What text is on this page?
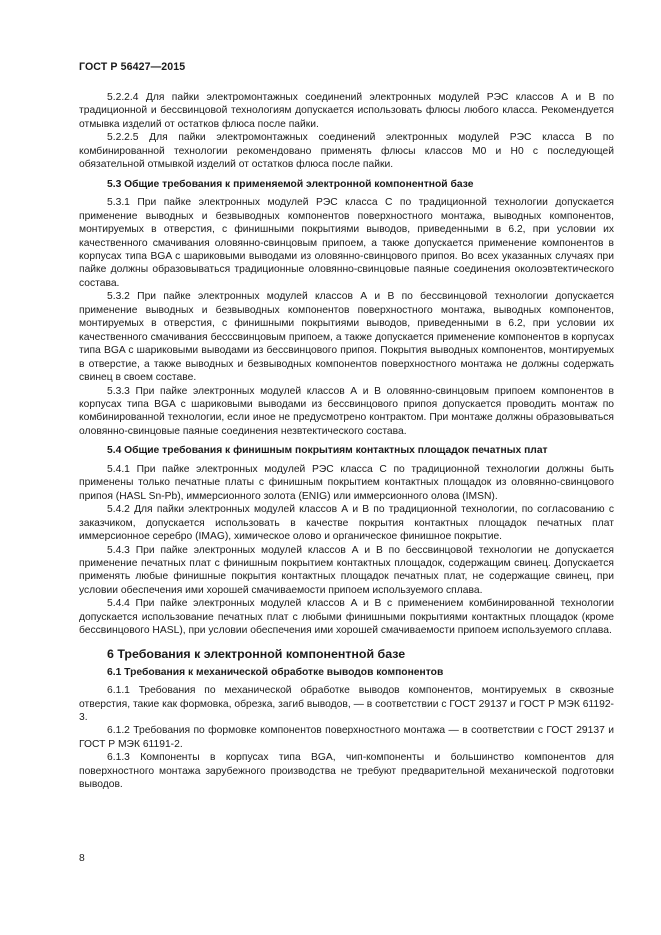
ГОСТ Р 56427—2015

5.2.2.4 Для пайки электромонтажных соединений электронных модулей РЭС классов А и В по традиционной и бессвинцовой технологиям допускается использовать флюсы любого класса. Рекомендуется отмывка изделий от остатков флюса после пайки.

5.2.2.5 Для пайки электромонтажных соединений электронных модулей РЭС класса В по комбинированной технологии рекомендовано применять флюсы классов М0 и Н0 с последующей обязательной отмывкой изделий от остатков флюса после пайки.

5.3 Общие требования к применяемой электронной компонентной базе

5.3.1 При пайке электронных модулей РЭС класса С по традиционной технологии допускается применение выводных и безвыводных компонентов поверхностного монтажа, выводных компонентов, монтируемых в отверстия, с финишными покрытиями выводов, приведенными в 6.2, при условии их качественного смачивания оловянно-свинцовым припоем, а также допускается применение компонентов в корпусах типа BGA с шариковыми выводами из оловянно-свинцового припоя. Во всех указанных случаях при пайке должны образовываться традиционные оловянно-свинцовые паяные соединения околоэвтектического состава.

5.3.2 При пайке электронных модулей классов А и В по бессвинцовой технологии допускается применение выводных и безвыводных компонентов поверхностного монтажа, выводных компонентов, монтируемых в отверстия, с финишными покрытиями выводов, приведенными в 6.2, при условии их качественного смачивания бесссвинцовым припоем, а также допускается применение компонентов в корпусах типа BGA с шариковыми выводами из бессвинцового припоя. Покрытия выводных компонентов, монтируемых в отверстие, а также выводных и безвыводных компонентов поверхностного монтажа не должны содержать свинец в своем составе.

5.3.3 При пайке электронных модулей классов А и В оловянно-свинцовым припоем компонентов в корпусах типа BGA с шариковыми выводами из бессвинцового припоя допускается проводить монтаж по комбинированной технологии, если иное не предусмотрено контрактом. При монтаже должны образовываться оловянно-свинцовые паяные соединения незвтектического состава.

5.4 Общие требования к финишным покрытиям контактных площадок печатных плат

5.4.1 При пайке электронных модулей РЭС класса С по традиционной технологии должны быть применены только печатные платы с финишным покрытием контактных площадок из оловянно-свинцового припоя (HASL Sn-Pb), иммерсионного золота (ENIG) или иммерсионного олова (IMSN).

5.4.2 Для пайки электронных модулей классов А и В по традиционной технологии, по согласованию с заказчиком, допускается использовать в качестве покрытия контактных площадок печатных плат иммерсионное серебро (IMAG), химическое олово и органическое финишное покрытие.

5.4.3 При пайке электронных модулей классов А и В по бессвинцовой технологии не допускается применение печатных плат с финишным покрытием контактных площадок, содержащим свинец. Допускается применять любые финишные покрытия контактных площадок печатных плат, не содержащие свинец, при условии обеспечения ими хорошей смачиваемости припоем используемого сплава.

5.4.4 При пайке электронных модулей классов А и В с применением комбинированной технологии допускается использование печатных плат с любыми финишными покрытиями контактных площадок (кроме бессвинцового HASL), при условии обеспечения ими хорошей смачиваемости припоем используемого сплава.

6 Требования к электронной компонентной базе
6.1 Требования к механической обработке выводов компонентов

6.1.1 Требования по механической обработке выводов компонентов, монтируемых в сквозные отверстия, такие как формовка, обрезка, загиб выводов, — в соответствии с ГОСТ 29137 и ГОСТ Р МЭК 61192-3.

6.1.2 Требования по формовке компонентов поверхностного монтажа — в соответствии с ГОСТ 29137 и ГОСТ Р МЭК 61191-2.

6.1.3 Компоненты в корпусах типа BGA, чип-компоненты и большинство компонентов для поверхностного монтажа зарубежного производства не требуют предварительной механической подготовки выводов.

8
